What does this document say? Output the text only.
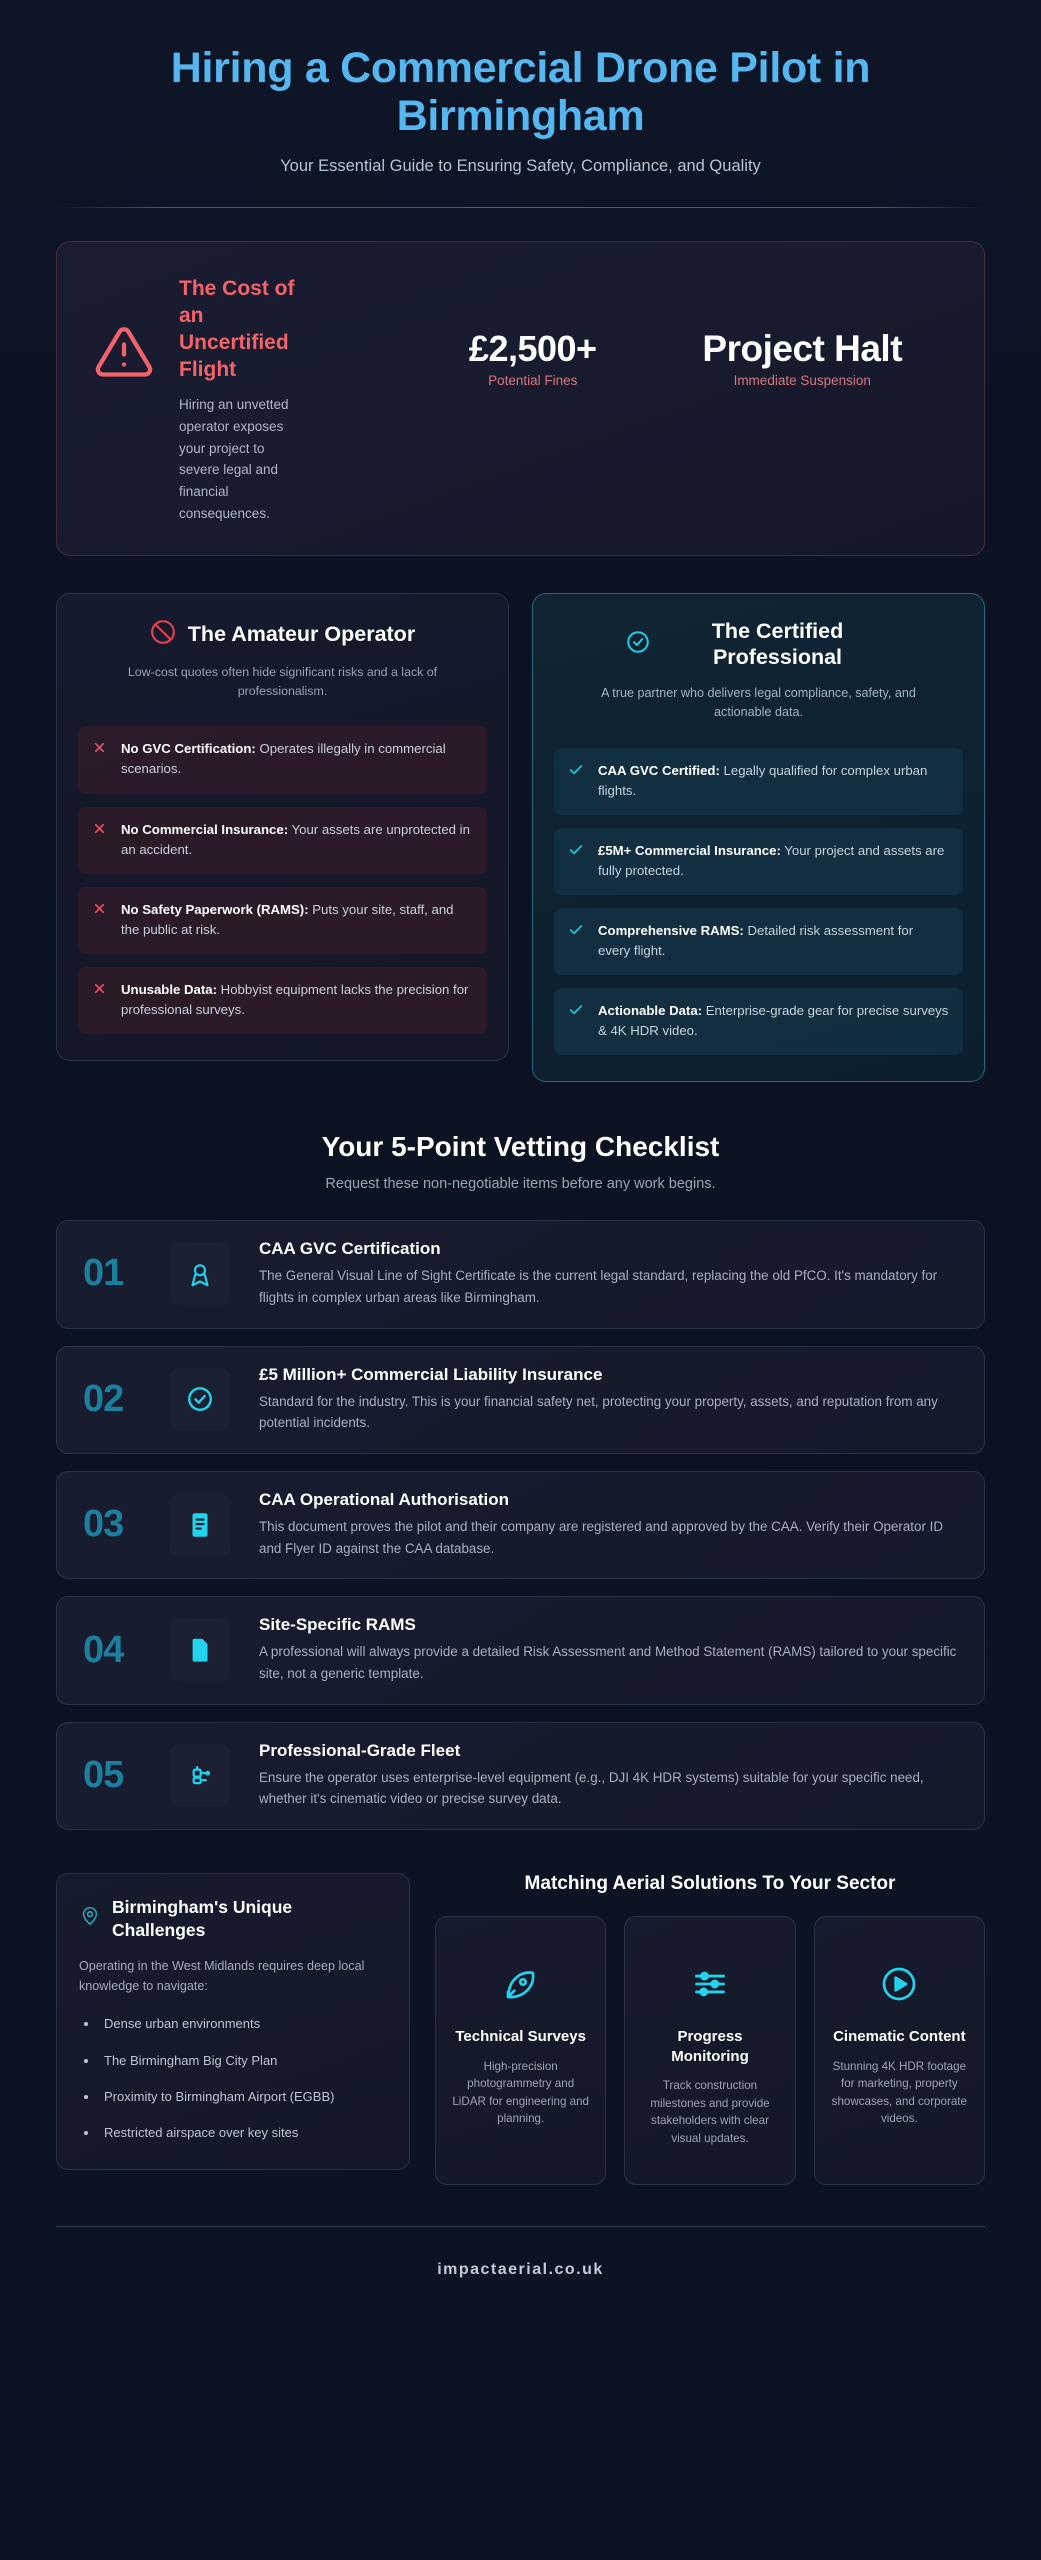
Hiring a Commercial Drone Pilot in Birmingham
Your Essential Guide to Ensuring Safety, Compliance, and Quality
The Cost of an Uncertified Flight

Hiring an unvetted operator exposes your project to severe legal and financial consequences.

£2,500+
Potential Fines
Project Halt
Immediate Suspension
The Amateur Operator
Low-cost quotes often hide significant risks and a lack of professionalism.
No GVC Certification: Operates illegally in commercial scenarios.
No Commercial Insurance: Your assets are unprotected in an accident.
No Safety Paperwork (RAMS): Puts your site, staff, and the public at risk.
Unusable Data: Hobbyist equipment lacks the precision for professional surveys.
The Certified Professional
A true partner who delivers legal compliance, safety, and actionable data.
CAA GVC Certified: Legally qualified for complex urban flights.
£5M+ Commercial Insurance: Your project and assets are fully protected.
Comprehensive RAMS: Detailed risk assessment for every flight.
Actionable Data: Enterprise-grade gear for precise surveys & 4K HDR video.
Your 5-Point Vetting Checklist

Request these non-negotiable items before any work begins.

01
CAA GVC Certification

The General Visual Line of Sight Certificate is the current legal standard, replacing the old PfCO. It's mandatory for flights in complex urban areas like Birmingham.

02
£5 Million+ Commercial Liability Insurance

Standard for the industry. This is your financial safety net, protecting your property, assets, and reputation from any potential incidents.

03
CAA Operational Authorisation

This document proves the pilot and their company are registered and approved by the CAA. Verify their Operator ID and Flyer ID against the CAA database.

04
Site-Specific RAMS

A professional will always provide a detailed Risk Assessment and Method Statement (RAMS) tailored to your specific site, not a generic template.

05
Professional-Grade Fleet

Ensure the operator uses enterprise-level equipment (e.g., DJI 4K HDR systems) suitable for your specific need, whether it's cinematic video or precise survey data.

Birmingham's Unique Challenges

Operating in the West Midlands requires deep local knowledge to navigate:

• Dense urban environments
• The Birmingham Big City Plan
• Proximity to Birmingham Airport (EGBB)
• Restricted airspace over key sites
Matching Aerial Solutions To Your Sector
Technical Surveys

High-precision photogrammetry and LiDAR for engineering and planning.

Progress Monitoring

Track construction milestones and provide stakeholders with clear visual updates.

Cinematic Content

Stunning 4K HDR footage for marketing, property showcases, and corporate videos.

impactaerial.co.uk
